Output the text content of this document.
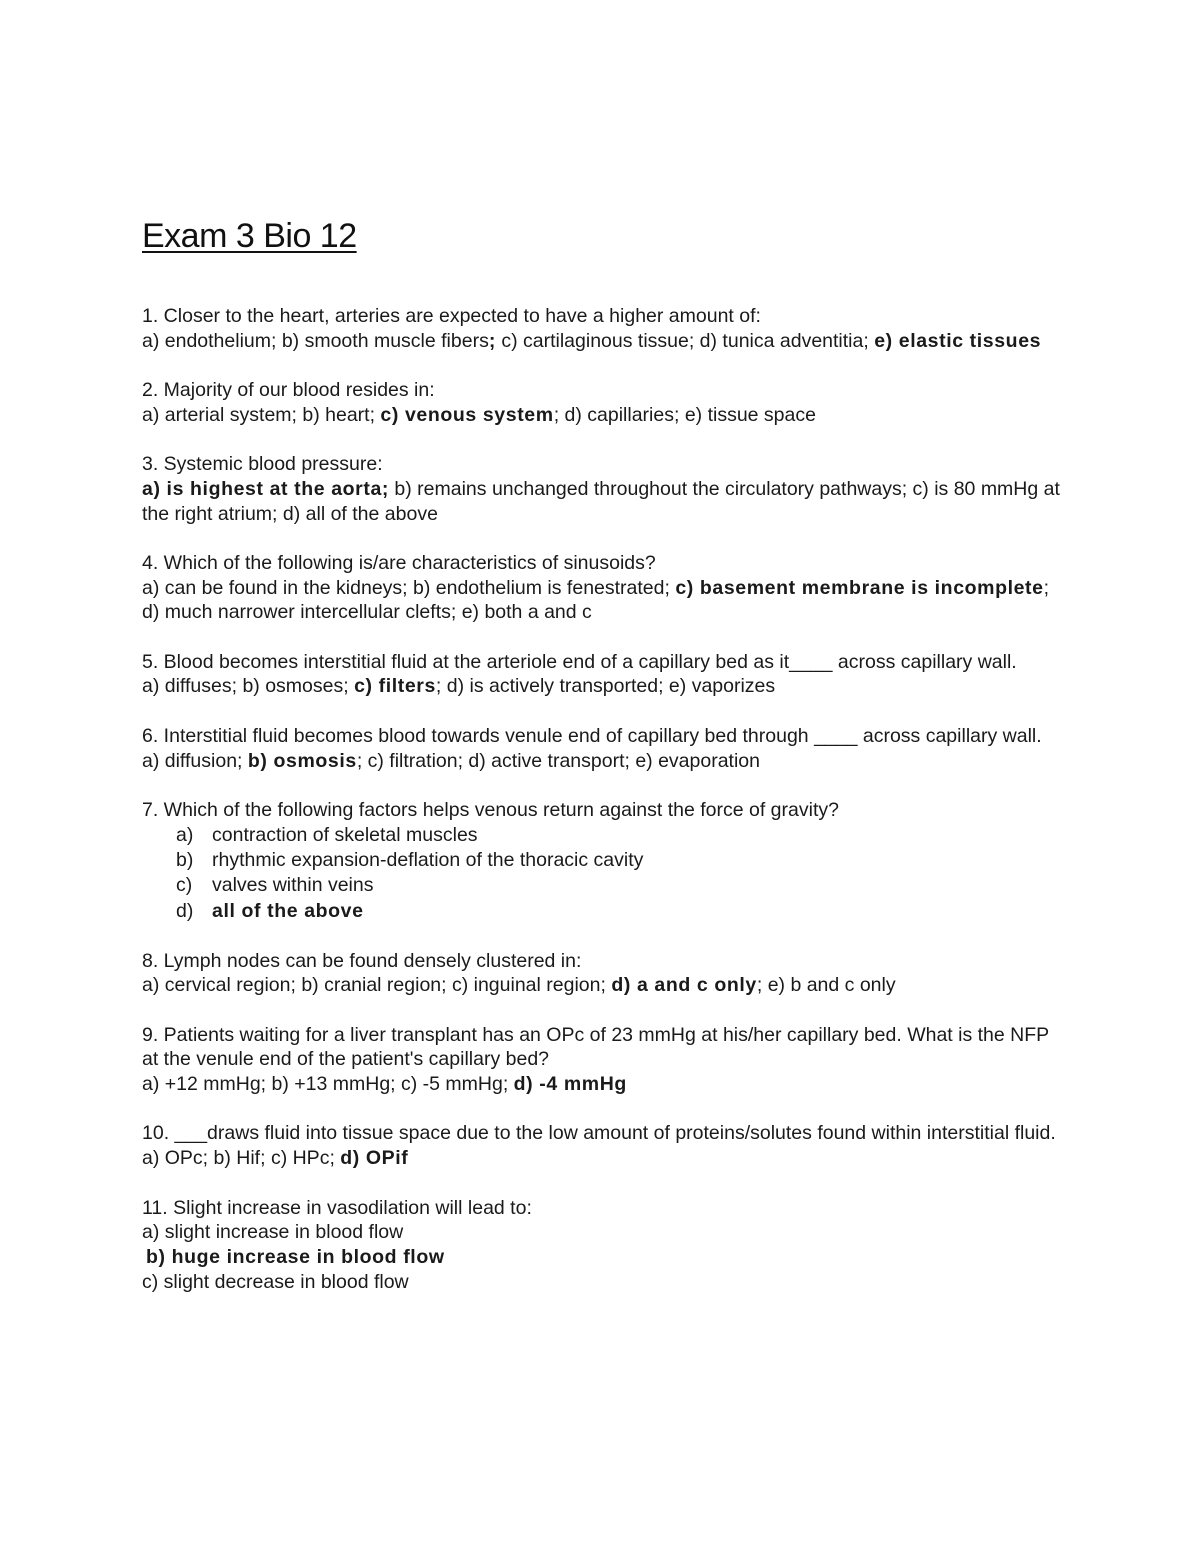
Exam 3 Bio 12

1. Closer to the heart, arteries are expected to have a higher amount of:

a) endothelium; b) smooth muscle fibers; c) cartilaginous tissue; d) tunica adventitia; e) elastic tissues

2. Majority of our blood resides in:

a) arterial system; b) heart; c) venous system; d) capillaries; e) tissue space

3. Systemic blood pressure:

a) is highest at the aorta; b) remains unchanged throughout the circulatory pathways; c) is 80 mmHg at the right atrium; d) all of the above

4. Which of the following is/are characteristics of sinusoids?

a) can be found in the kidneys; b) endothelium is fenestrated; c) basement membrane is incomplete; d) much narrower intercellular clefts; e) both a and c

5. Blood becomes interstitial fluid at the arteriole end of a capillary bed as it____ across capillary wall.

a) diffuses; b) osmoses; c) filters; d) is actively transported; e) vaporizes

6. Interstitial fluid becomes blood towards venule end of capillary bed through ____ across capillary wall.

a) diffusion; b) osmosis; c) filtration; d) active transport; e) evaporation

7. Which of the following factors helps venous return against the force of gravity?

a) contraction of skeletal muscles
b) rhythmic expansion-deflation of the thoracic cavity
c)	valves within veins
d) all of the above

8. Lymph nodes can be found densely clustered in:

a) cervical region; b) cranial region; c) inguinal region; d) a and c only; e) b and c only

9. Patients waiting for a liver transplant has an OPc of 23 mmHg at his/her capillary bed. What is the NFP at the venule end of the patient's capillary bed?

a) +12 mmHg; b) +13 mmHg; c) -5 mmHg; d) -4 mmHg

10. ___draws fluid into tissue space due to the low amount of proteins/solutes found within interstitial fluid.

a) OPc; b) Hif; c) HPc; d) OPif

11. Slight increase in vasodilation will lead to:

a) slight increase in blood flow

b) huge increase in blood flow

c) slight decrease in blood flow
